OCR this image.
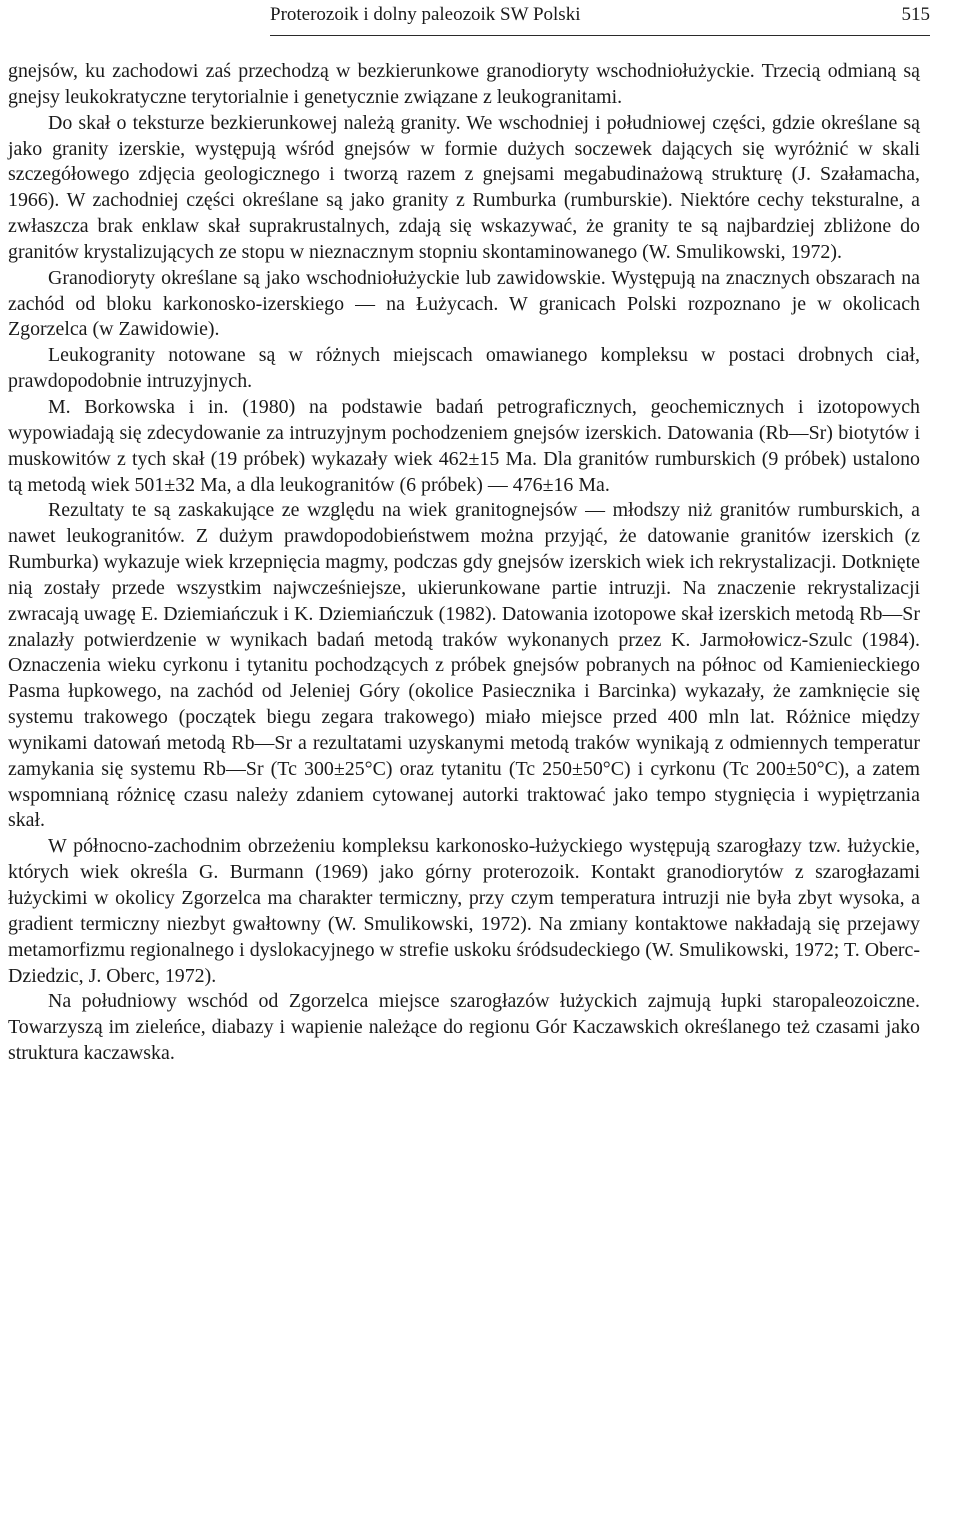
Proterozoik i dolny paleozoik SW Polski	515

gnejsów, ku zachodowi zaś przechodzą w bezkierunkowe granodioryty wschodniołużyckie. Trzecią odmianą są gnejsy leukokratyczne terytorialnie i genetycznie związane z leukogranitami.

Do skał o teksturze bezkierunkowej należą granity. We wschodniej i południowej części, gdzie określane są jako granity izerskie, występują wśród gnejsów w formie dużych soczewek dających się wyróżnić w skali szczegółowego zdjęcia geologicznego i tworzą razem z gnejsami megabudinażową strukturę (J. Szałamacha, 1966). W zachodniej części określane są jako granity z Rumburka (rumburskie). Niektóre cechy teksturalne, a zwłaszcza brak enklaw skał suprakrustalnych, zdają się wskazywać, że granity te są najbardziej zbliżone do granitów krystalizujących ze stopu w nieznacznym stopniu skontaminowanego (W. Smulikowski, 1972).

Granodioryty określane są jako wschodniołużyckie lub zawidowskie. Występują na znacznych obszarach na zachód od bloku karkonosko-izerskiego — na Łużycach. W granicach Polski rozpoznano je w okolicach Zgorzelca (w Zawidowie).

Leukogranity notowane są w różnych miejscach omawianego kompleksu w postaci drobnych ciał, prawdopodobnie intruzyjnych.

M. Borkowska i in. (1980) na podstawie badań petrograficznych, geochemicznych i izotopowych wypowiadają się zdecydowanie za intruzyjnym pochodzeniem gnejsów izerskich. Datowania (Rb—Sr) biotytów i muskowitów z tych skał (19 próbek) wykazały wiek 462±15 Ma. Dla granitów rumburskich (9 próbek) ustalono tą metodą wiek 501±32 Ma, a dla leukogranitów (6 próbek) — 476±16 Ma.

Rezultaty te są zaskakujące ze względu na wiek granitognejsów — młodszy niż granitów rumburskich, a nawet leukogranitów. Z dużym prawdopodobieństwem można przyjąć, że datowanie granitów izerskich (z Rumburka) wykazuje wiek krzepnięcia magmy, podczas gdy gnejsów izerskich wiek ich rekrystalizacji. Dotknięte nią zostały przede wszystkim najwcześniejsze, ukierunkowane partie intruzji. Na znaczenie rekrystalizacji zwracają uwagę E. Dziemiańczuk i K. Dziemiańczuk (1982). Datowania izotopowe skał izerskich metodą Rb—Sr znalazły potwierdzenie w wynikach badań metodą traków wykonanych przez K. Jarmołowicz-Szulc (1984). Oznaczenia wieku cyrkonu i tytanitu pochodzących z próbek gnejsów pobranych na północ od Kamienieckiego Pasma łupkowego, na zachód od Jeleniej Góry (okolice Pasiecznika i Barcinka) wykazały, że zamknięcie się systemu trakowego (początek biegu zegara trakowego) miało miejsce przed 400 mln lat. Różnice między wynikami datowań metodą Rb—Sr a rezultatami uzyskanymi metodą traków wynikają z odmiennych temperatur zamykania się systemu Rb—Sr (Tc 300±25°C) oraz tytanitu (Tc 250±50°C) i cyrkonu (Tc 200±50°C), a zatem wspomnianą różnicę czasu należy zdaniem cytowanej autorki traktować jako tempo stygnięcia i wypiętrzania skał.

W północno-zachodnim obrzeżeniu kompleksu karkonosko-łużyckiego występują szarogłazy tzw. łużyckie, których wiek określa G. Burmann (1969) jako górny proterozoik. Kontakt granodiorytów z szarogłazami łużyckimi w okolicy Zgorzelca ma charakter termiczny, przy czym temperatura intruzji nie była zbyt wysoka, a gradient termiczny niezbyt gwałtowny (W. Smulikowski, 1972). Na zmiany kontaktowe nakładają się przejawy metamorfizmu regionalnego i dyslokacyjnego w strefie uskoku śródsudeckiego (W. Smulikowski, 1972; T. Oberc-Dziedzic, J. Oberc, 1972).

Na południowy wschód od Zgorzelca miejsce szarogłazów łużyckich zajmują łupki staropaleozoiczne. Towarzyszą im zieleńce, diabazy i wapienie należące do regionu Gór Kaczawskich określanego też czasami jako struktura kaczawska.
